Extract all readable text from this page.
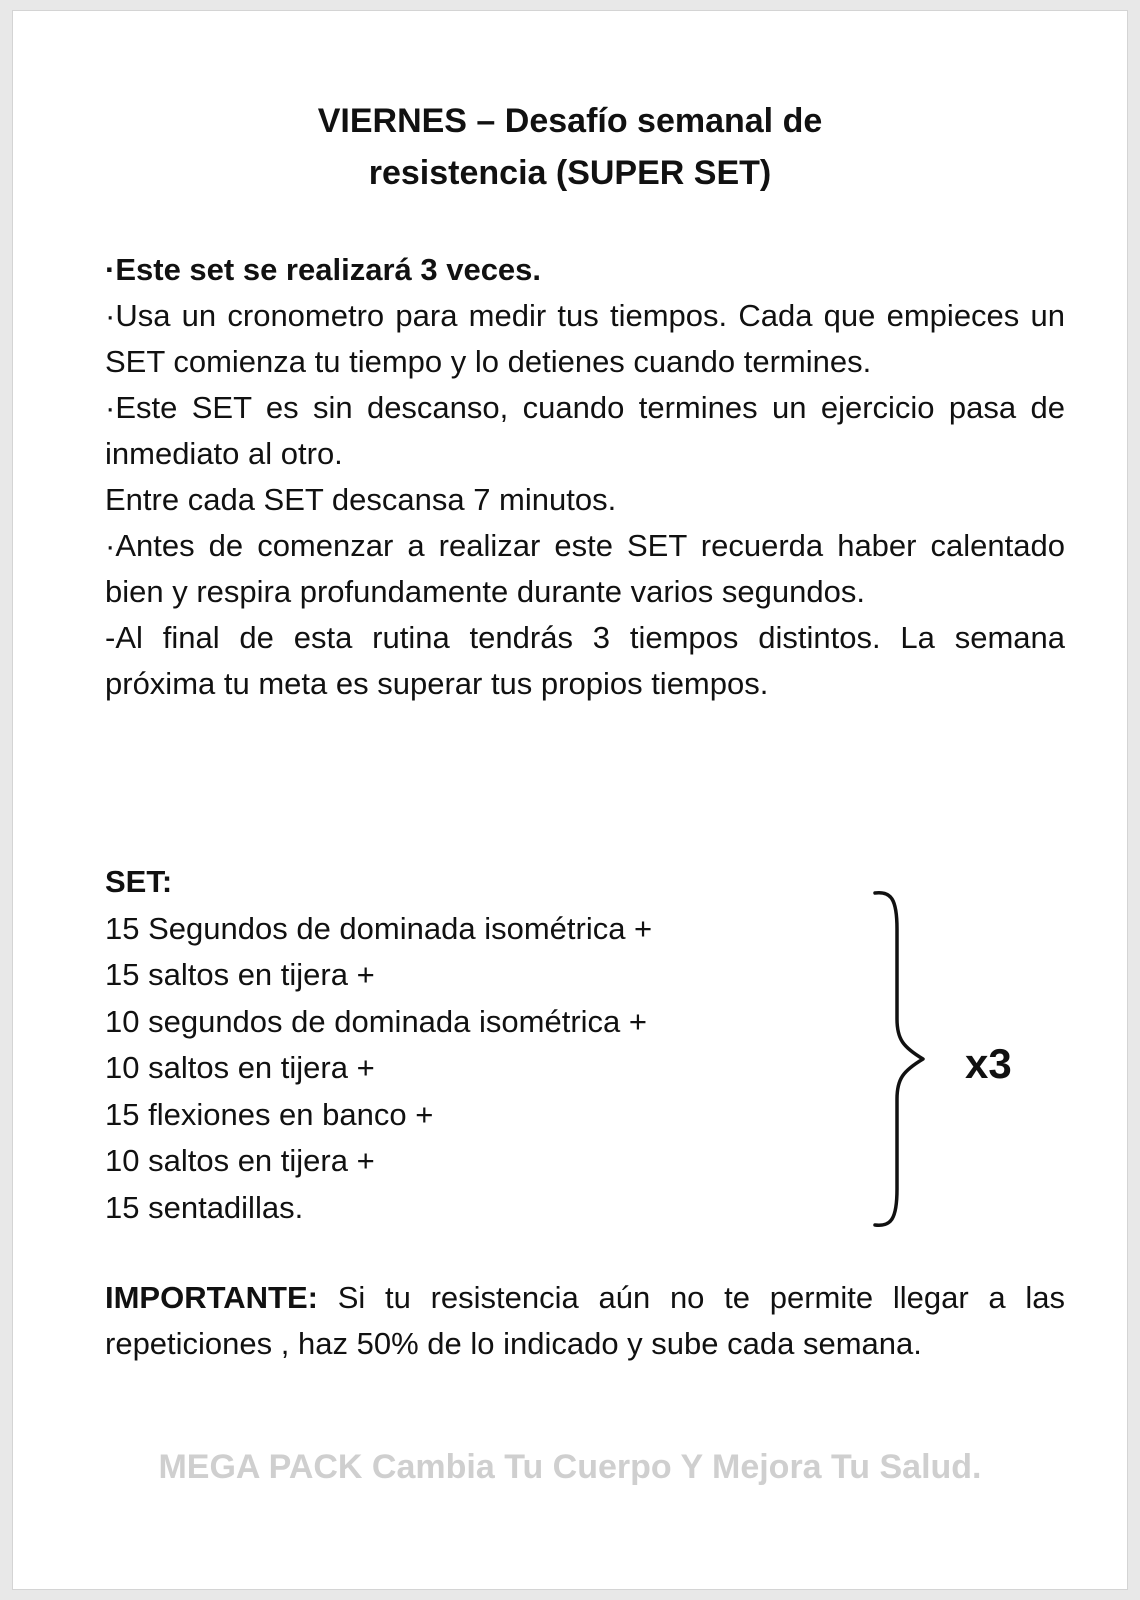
VIERNES – Desafío semanal de
resistencia (SUPER SET)

·Este set se realizará 3 veces.

·Usa un cronometro para medir tus tiempos. Cada que empieces un SET comienza tu tiempo y lo detienes cuando termines.

·Este SET es sin descanso, cuando termines un ejercicio pasa de inmediato al otro.

Entre cada SET descansa 7 minutos.

·Antes de comenzar a realizar este SET recuerda haber calentado bien y respira profundamente durante varios segundos.

-Al final de esta rutina tendrás 3 tiempos distintos. La semana próxima tu meta es superar tus propios tiempos.

SET:
15 Segundos de dominada isométrica +
15 saltos en tijera +
10 segundos de dominada isométrica +
10 saltos en tijera +
15 flexiones en banco +
10 saltos en tijera +
15 sentadillas.
x3

IMPORTANTE: Si tu resistencia aún no te permite llegar a las repeticiones , haz 50% de lo indicado y sube cada semana.

MEGA PACK Cambia Tu Cuerpo Y Mejora Tu Salud.
